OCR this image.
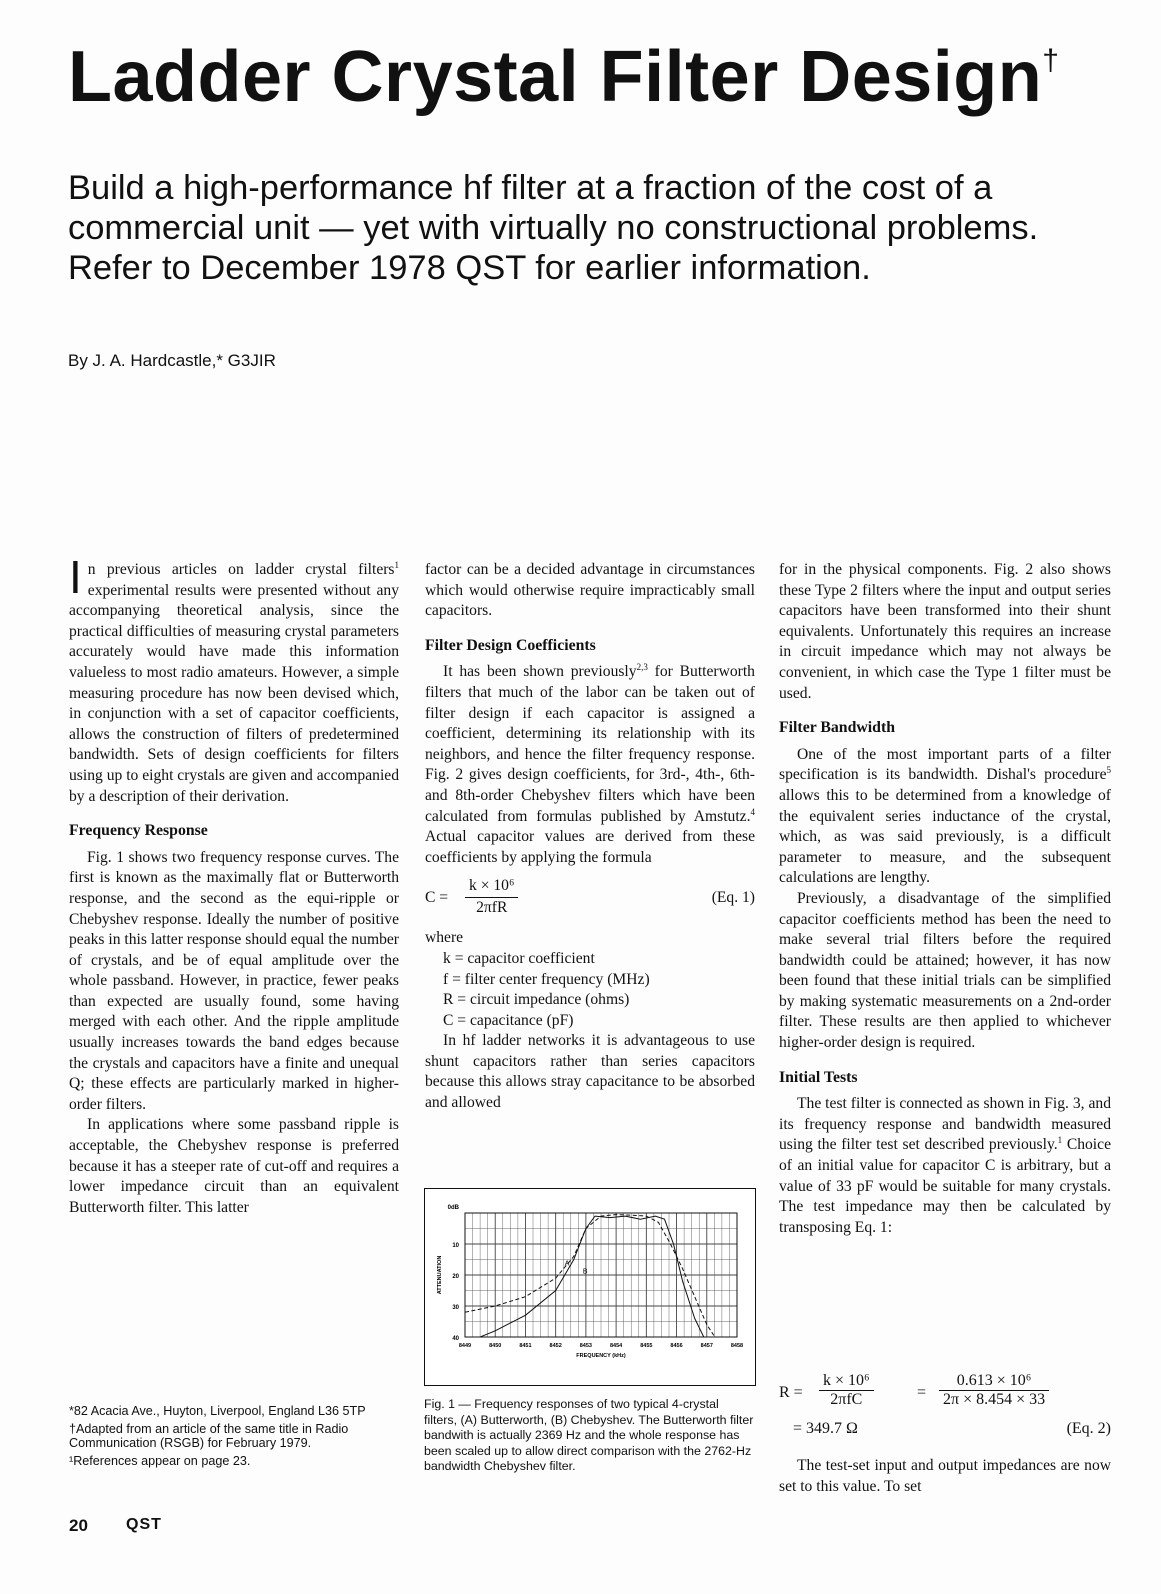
Ladder Crystal Filter Design†
Build a high-performance hf filter at a fraction of the cost of a commercial unit — yet with virtually no constructional problems. Refer to December 1978 QST for earlier information.
By J. A. Hardcastle,* G3JIR

In previous articles on ladder crystal filters$^1$ experimental results were presented without any accompanying theoretical analysis, since the practical difficulties of measuring crystal parameters accurately would have made this information valueless to most radio amateurs. However, a simple measuring procedure has now been devised which, in conjunction with a set of capacitor coefficients, allows the construction of filters of predetermined bandwidth. Sets of design coefficients for filters using up to eight crystals are given and accompanied by a description of their derivation.

Frequency Response

Fig. 1 shows two frequency response curves. The first is known as the maximally flat or Butterworth response, and the second as the equi-ripple or Chebyshev response. Ideally the number of positive peaks in this latter response should equal the number of crystals, and be of equal amplitude over the whole passband. However, in practice, fewer peaks than expected are usually found, some having merged with each other. And the ripple amplitude usually increases towards the band edges because the crystals and capacitors have a finite and unequal Q; these effects are particularly marked in higher-order filters.

In applications where some passband ripple is acceptable, the Chebyshev response is preferred because it has a steeper rate of cut-off and requires a lower impedance circuit than an equivalent Butterworth filter. This latter

factor can be a decided advantage in circumstances which would otherwise require impracticably small capacitors.

Filter Design Coefficients

It has been shown previously$^{2,3}$ for Butterworth filters that much of the labor can be taken out of filter design if each capacitor is assigned a coefficient, determining its relationship with its neighbors, and hence the filter frequency response. Fig. 2 gives design coefficients, for 3rd-, 4th-, 6th- and 8th-order Chebyshev filters which have been calculated from formulas published by Amstutz.$^4$ Actual capacitor values are derived from these coefficients by applying the formula

C =
k × 10⁶
2πfR
(Eq. 1)

where

k = capacitor coefficient
f = filter center frequency (MHz)
R = circuit impedance (ohms)
C = capacitance (pF)

In hf ladder networks it is advantageous to use shunt capacitors rather than series capacitors because this allows stray capacitance to be absorbed and allowed

0dB
10
20
30
40
8449	8450	8451	8452	8453	8454	8455	8456	8457	8458
FREQUENCY (kHz)
ATTENUATION	A
B
Fig. 1 — Frequency responses of two typical 4-crystal filters, (A) Butterworth, (B) Chebyshev. The Butterworth filter bandwith is actually 2369 Hz and the whole response has been scaled up to allow direct comparison with the 2762-Hz bandwidth Chebyshev filter.

for in the physical components. Fig. 2 also shows these Type 2 filters where the input and output series capacitors have been transformed into their shunt equivalents. Unfortunately this requires an increase in circuit impedance which may not always be convenient, in which case the Type 1 filter must be used.

Filter Bandwidth

One of the most important parts of a filter specification is its bandwidth. Dishal's procedure$^5$ allows this to be determined from a knowledge of the equivalent series inductance of the crystal, which, as was said previously, is a difficult parameter to measure, and the subsequent calculations are lengthy.

Previously, a disadvantage of the simplified capacitor coefficients method has been the need to make several trial filters before the required bandwidth could be attained; however, it has now been found that these initial trials can be simplified by making systematic measurements on a 2nd-order filter. These results are then applied to whichever higher-order design is required.

Initial Tests

The test filter is connected as shown in Fig. 3, and its frequency response and bandwidth measured using the filter test set described previously.$^1$ Choice of an initial value for capacitor C is arbitrary, but a value of 33 pF would be suitable for many crystals. The test impedance may then be calculated by transposing Eq. 1:

R =
k × 10⁶
2πfC	= $\frac{\text{0.613 × 10⁶}}{2\pi \times 8.454 \times 33}$
= 349.7 Ω	(Eq. 2)

The test-set input and output impedances are now set to this value. To set

*82 Acacia Ave., Huyton, Liverpool, England L36 5TP

†Adapted from an article of the same title in Radio Communication (RSGB) for February 1979.

¹References appear on page 23.

20 QST
